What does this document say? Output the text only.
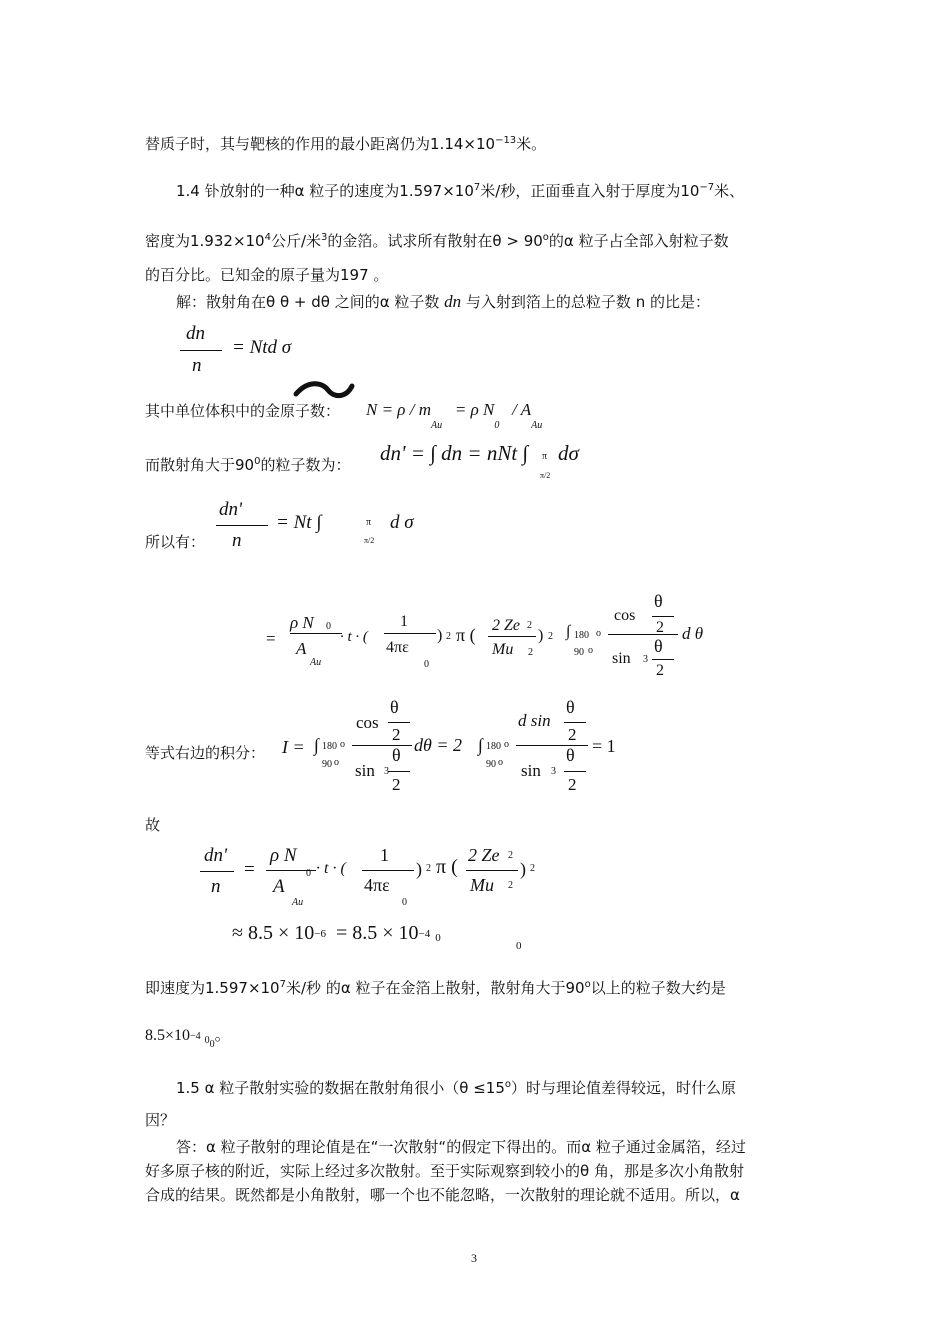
替质子时，其与靶核的作用的最小距离仍为$1.14\times 10^{-13}$米。
1.4 钋放射的一种α 粒子的速度为$1.597\times 10^7$米/秒，正面垂直入射于厚度为$10^{-7}$米、
密度为$1.932\times 10^4$公斤/米$^3$的金箔。试求所有散射在$\theta > 90^o$的α 粒子占全部入射粒子数
的百分比。已知金的原子量为197 。
解：散射角在θ θ + dθ 之间的α 粒子数 dn 与入射到箔上的总粒子数 n 的比是：
dn
n
= Ntd σ
其中单位体积中的金原子数： $N = \rho / m_{Au} = \rho$ $N_0 / A_{Au}$
而散射角大于$90^0$的粒子数为： dn' = ∫ dn = nNt ∫ π
π/2
dσ
dn'
n
所以有：
= Nt ∫	π
π/2
d σ
=
ρ N 0
A
Au
· t · (
1
4πε
0
) 2 π ( 2 Ze 2
Mu 2
) 2 ∫ 180 o
90 o
θ
cos
2
θ
sin 3
2
d θ
等式右边的积分： I = ∫ 180 o
90 o
θ
cos
2
θ
sin 3
2
dθ = 2 ∫ 180 o
90 o
d sin
θ
2
θ
sin 3
2
= 1
故
dn'
n
=
ρ N
0
A
Au
· t · (
1
4πε
0
) 2 π (
2 Ze 2
Mu 2
) 2
≈ 8.5 × 10−6 = 8.5 × 10−4 0
0
即速度为$1.597\times 10^7$米/秒 的α 粒子在金箔上散射，散射角大于90$^o$以上的粒子数大约是
8.5×10−4 $0_0$。
1.5 α 粒子散射实验的数据在散射角很小$(\theta \le 15^o)$时与理论值差得较远，时什么原
因？
答：α 粒子散射的理论值是在“一次散射“的假定下得出的。而α 粒子通过金属箔，经过
好多原子核的附近，实际上经过多次散射。至于实际观察到较小的θ 角，那是多次小角散射
合成的结果。既然都是小角散射，哪一个也不能忽略，一次散射的理论就不适用。所以，α
3
